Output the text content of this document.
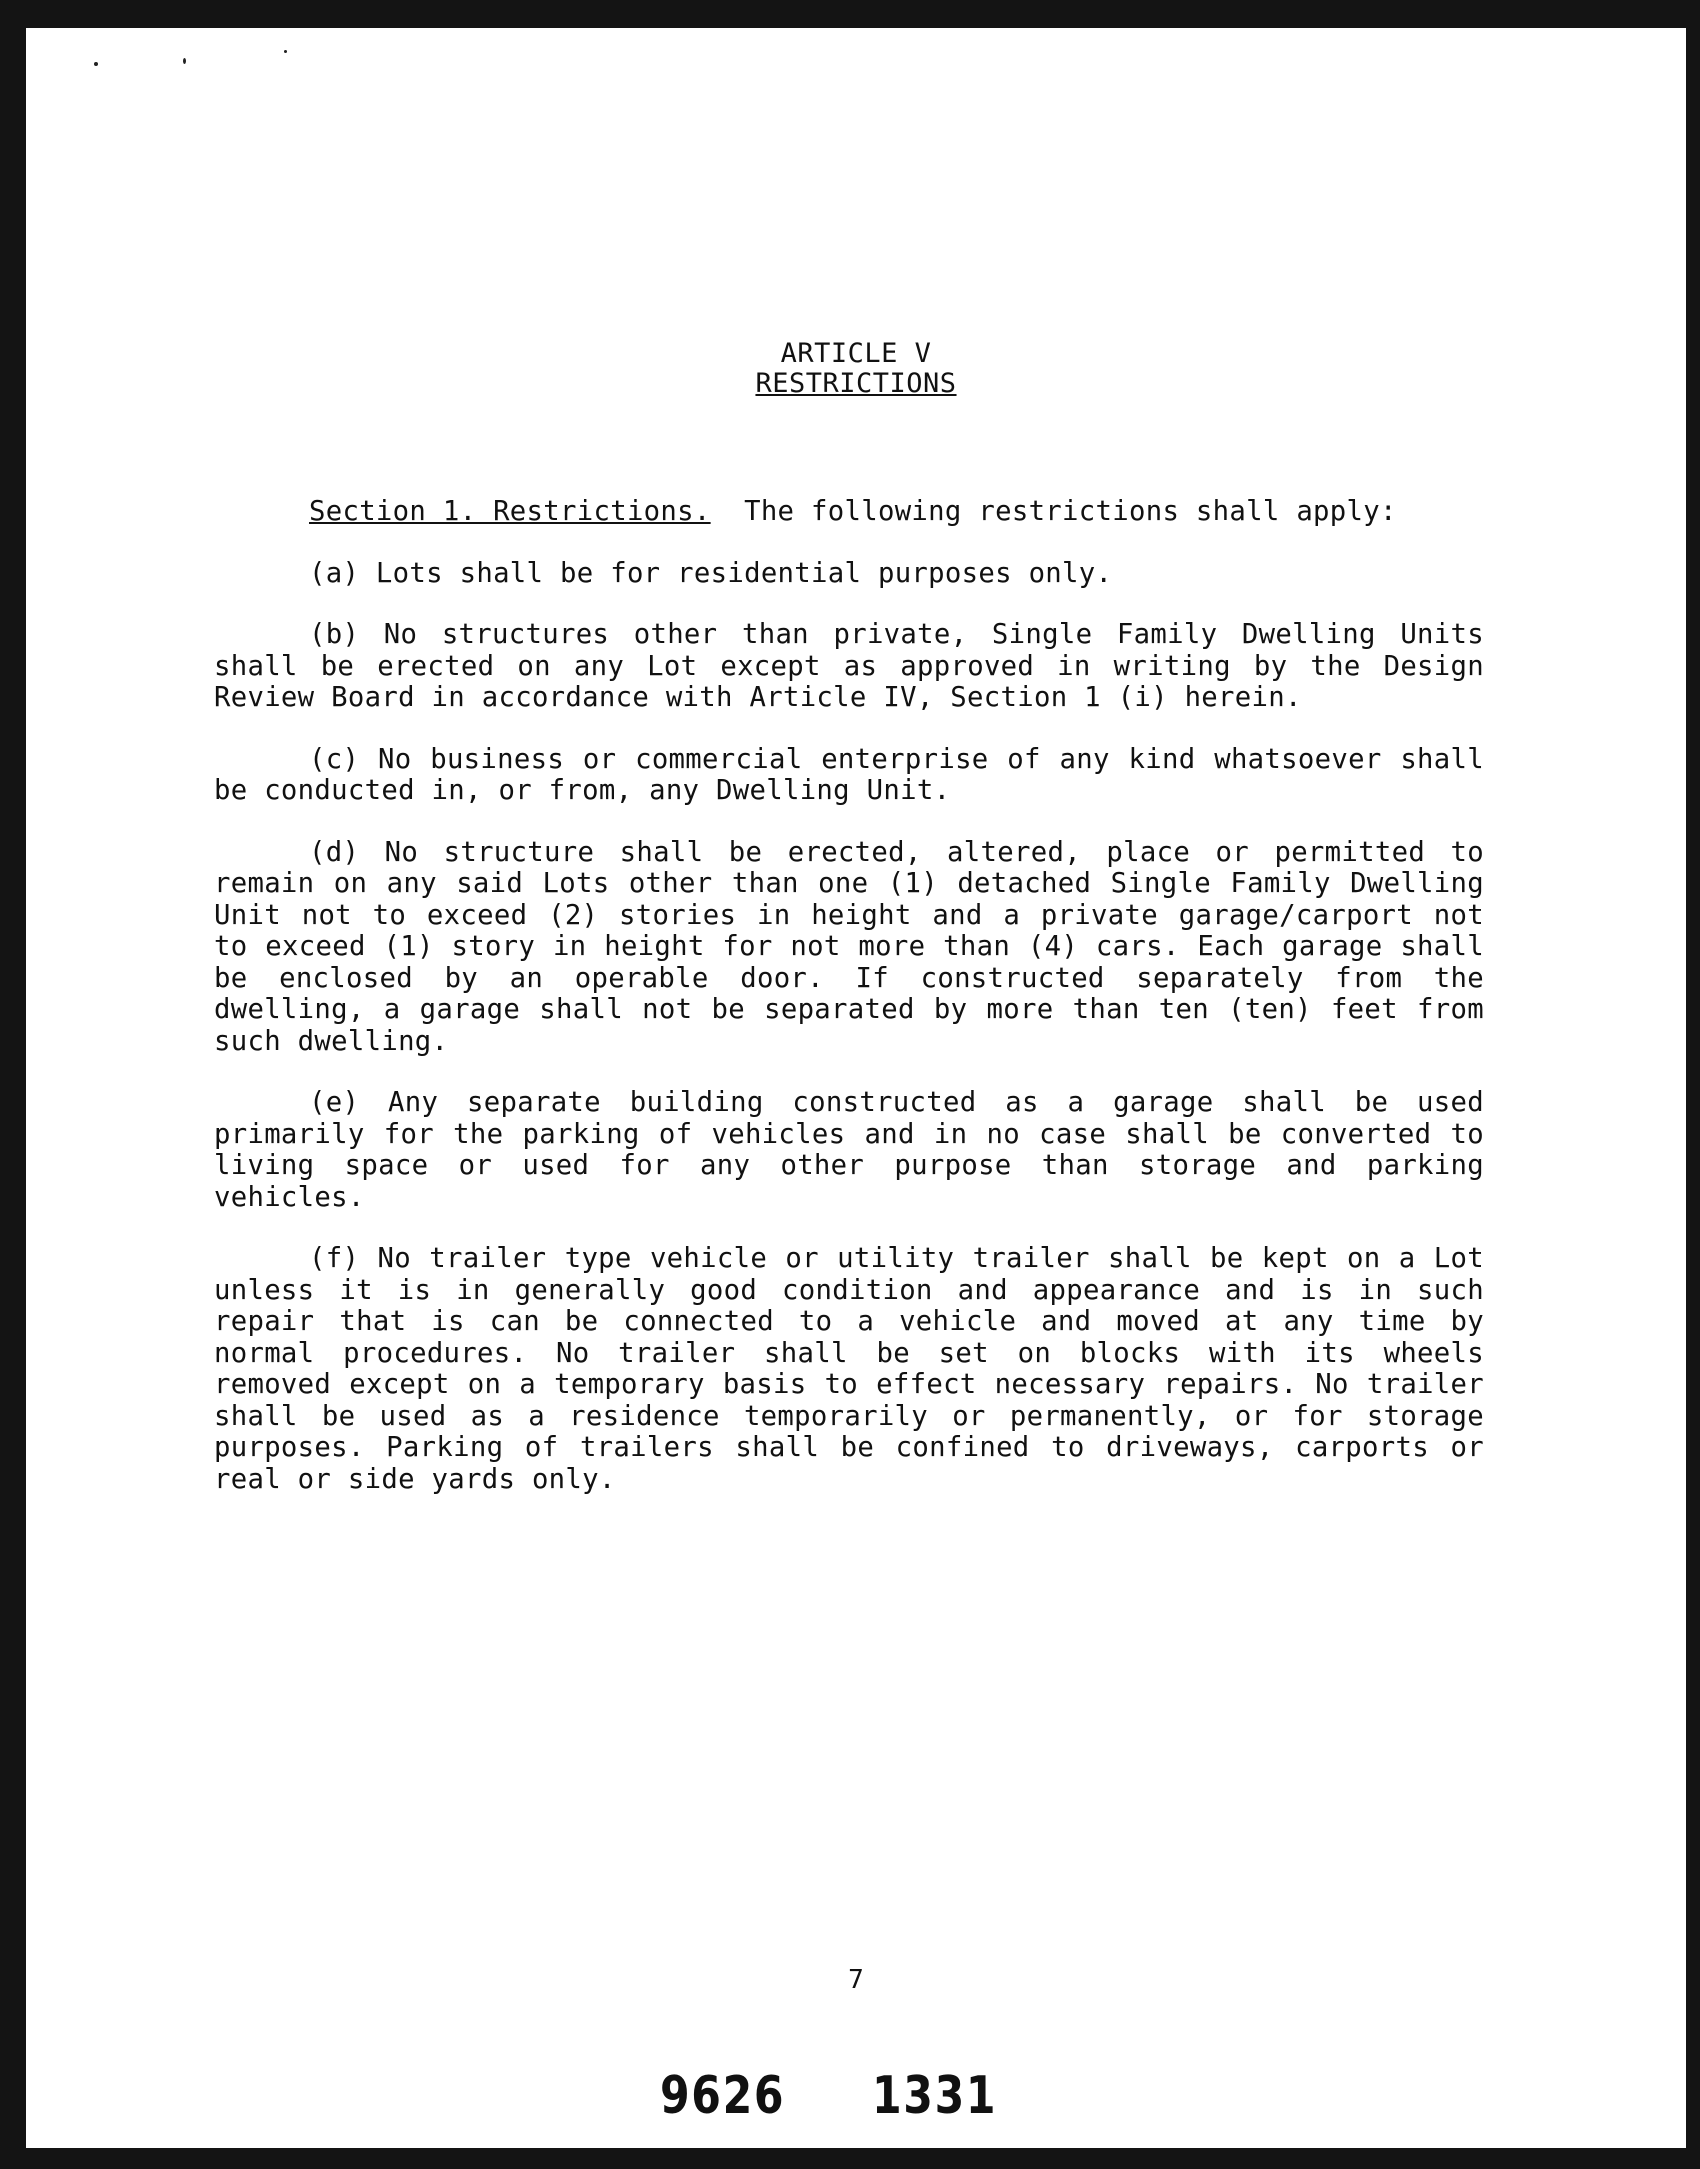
ARTICLE V
RESTRICTIONS

Section 1. Restrictions. The following restrictions shall apply:

(a) Lots shall be for residential purposes only.

(b) No structures other than private, Single Family Dwelling Units shall be erected on any Lot except as approved in writing by the Design Review Board in accordance with Article IV, Section 1 (i) herein.

(c) No business or commercial enterprise of any kind whatsoever shall be conducted in, or from, any Dwelling Unit.

(d) No structure shall be erected, altered, place or permitted to remain on any said Lots other than one (1) detached Single Family Dwelling Unit not to exceed (2) stories in height and a private garage/carport not to exceed (1) story in height for not more than (4) cars. Each garage shall be enclosed by an operable door. If constructed separately from the dwelling, a garage shall not be separated by more than ten (ten) feet from such dwelling.

(e) Any separate building constructed as a garage shall be used primarily for the parking of vehicles and in no case shall be converted to living space or used for any other purpose than storage and parking vehicles.

(f) No trailer type vehicle or utility trailer shall be kept on a Lot unless it is in generally good condition and appearance and is in such repair that is can be connected to a vehicle and moved at any time by normal procedures. No trailer shall be set on blocks with its wheels removed except on a temporary basis to effect necessary repairs. No trailer shall be used as a residence temporarily or permanently, or for storage purposes. Parking of trailers shall be confined to driveways, carports or real or side yards only.

7
9626 1331
